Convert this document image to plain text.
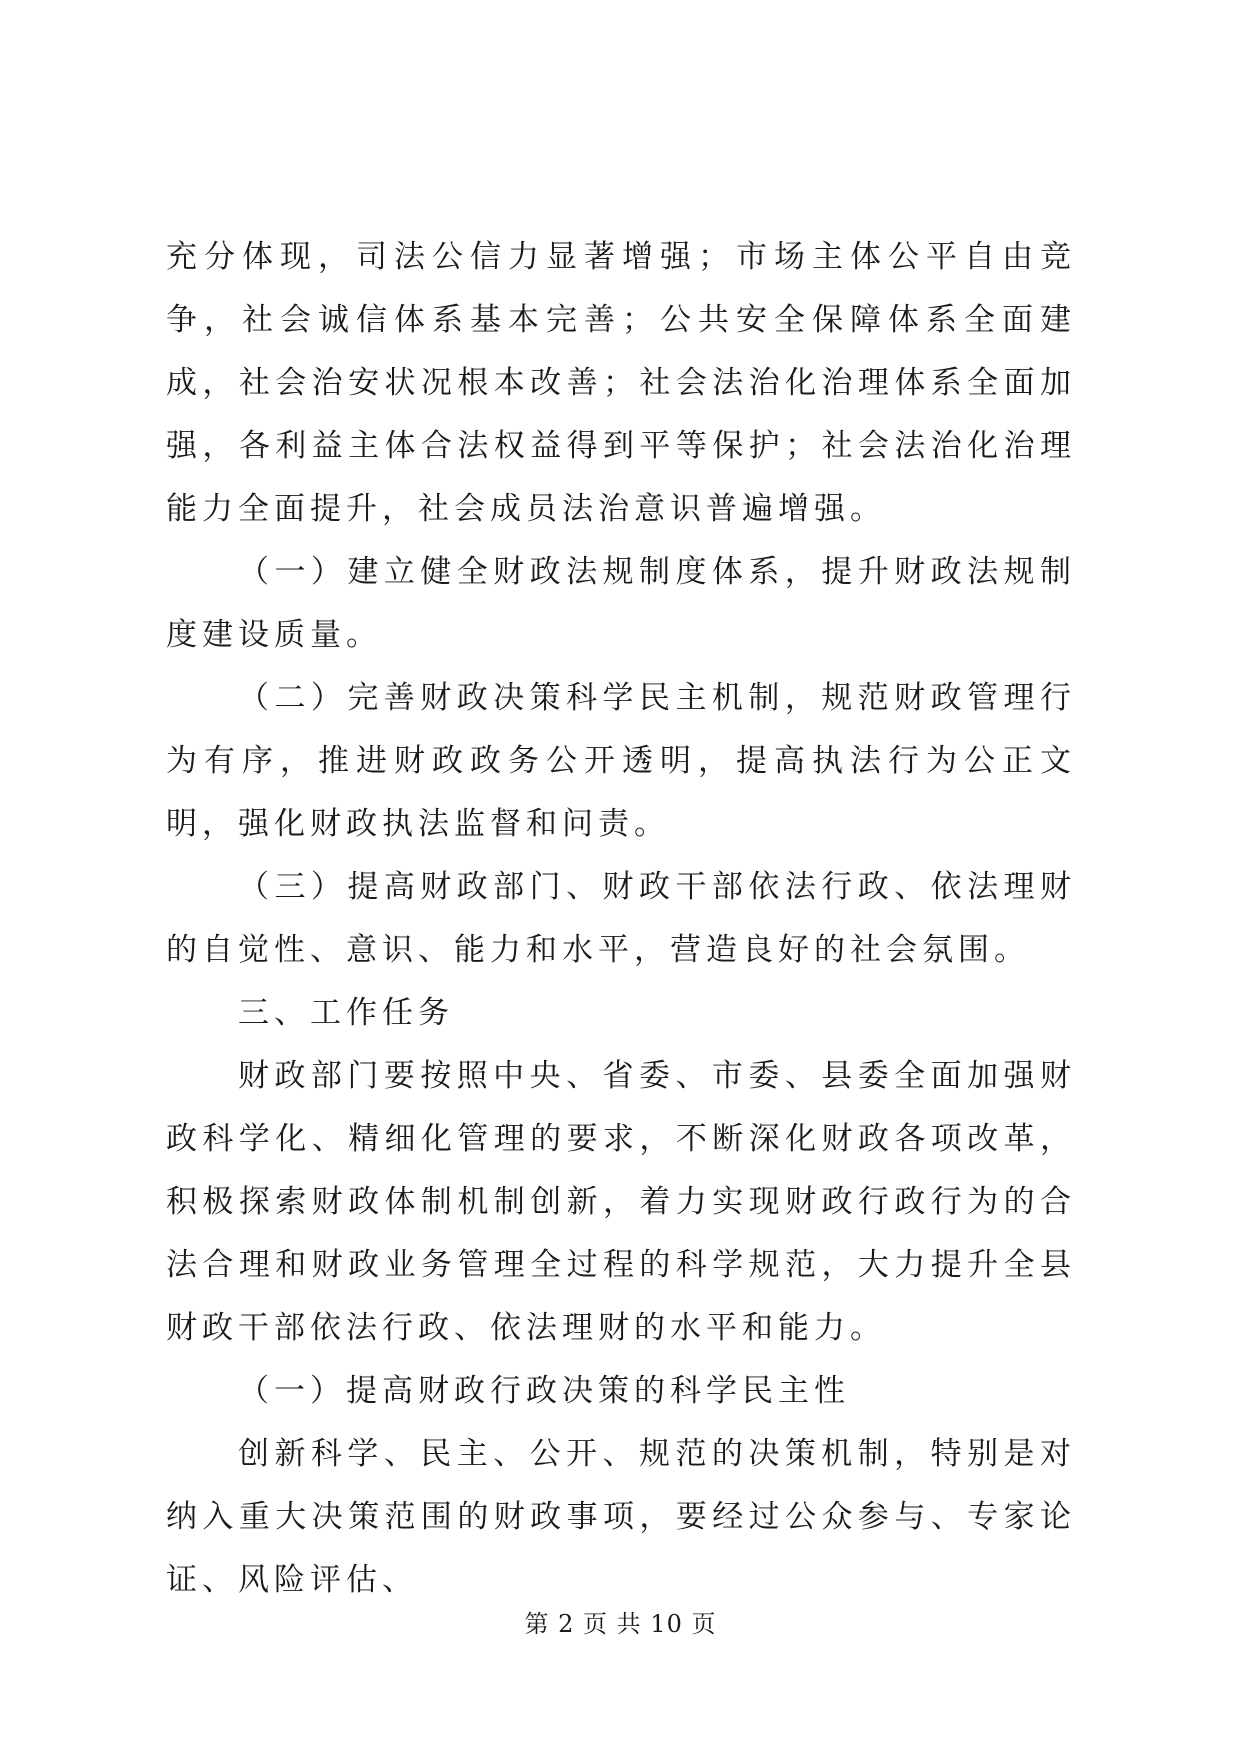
充分体现，司法公信力显著增强；市场主体公平自由竞争，社会诚信体系基本完善；公共安全保障体系全面建成，社会治安状况根本改善；社会法治化治理体系全面加强，各利益主体合法权益得到平等保护；社会法治化治理能力全面提升，社会成员法治意识普遍增强。

（一）建立健全财政法规制度体系，提升财政法规制度建设质量。

（二）完善财政决策科学民主机制，规范财政管理行为有序，推进财政政务公开透明，提高执法行为公正文明，强化财政执法监督和问责。

（三）提高财政部门、财政干部依法行政、依法理财的自觉性、意识、能力和水平，营造良好的社会氛围。

三、工作任务

财政部门要按照中央、省委、市委、县委全面加强财政科学化、精细化管理的要求，不断深化财政各项改革，积极探索财政体制机制创新，着力实现财政行政行为的合法合理和财政业务管理全过程的科学规范，大力提升全县财政干部依法行政、依法理财的水平和能力。

（一）提高财政行政决策的科学民主性

创新科学、民主、公开、规范的决策机制，特别是对纳入重大决策范围的财政事项，要经过公众参与、专家论证、风险评估、

第 2 页 共 10 页
